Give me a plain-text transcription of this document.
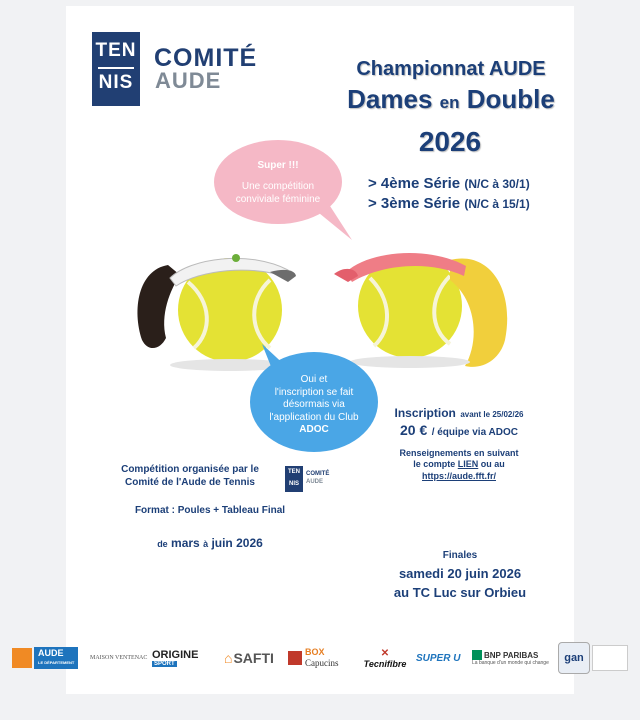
TEN
NIS
COMITÉ
AUDE	Championnat AUDE
Dames en Double
2026
> 4ème Série (N/C à 30/1)
> 3ème Série (N/C à 15/1)
Super !!!
Une compétition
conviviale féminine
Oui et
l'inscription se fait
désormais via
l'application du Club
ADOC
Inscription avant le 25/02/26
20 € / équipe via ADOC
Renseignements en suivant
le compte LIEN ou au
https://aude.fft.fr/
Compétition organisée par le
Comité de l'Aude de Tennis
TEN
NIS
COMITÉ
AUDE
Format : Poules + Tableau Final
de mars à juin 2026
Finales
samedi 20 juin 2026
au TC Luc sur Orbieu
AUDE
LE DÉPARTEMENT
MAISON VENTENAC ORIGINE
SPORT	⌂ SAFTI	BOX
Capucins
✕
Tecnifibre SUPER U	BNP PARIBAS
La banque d'un monde qui change	gan
